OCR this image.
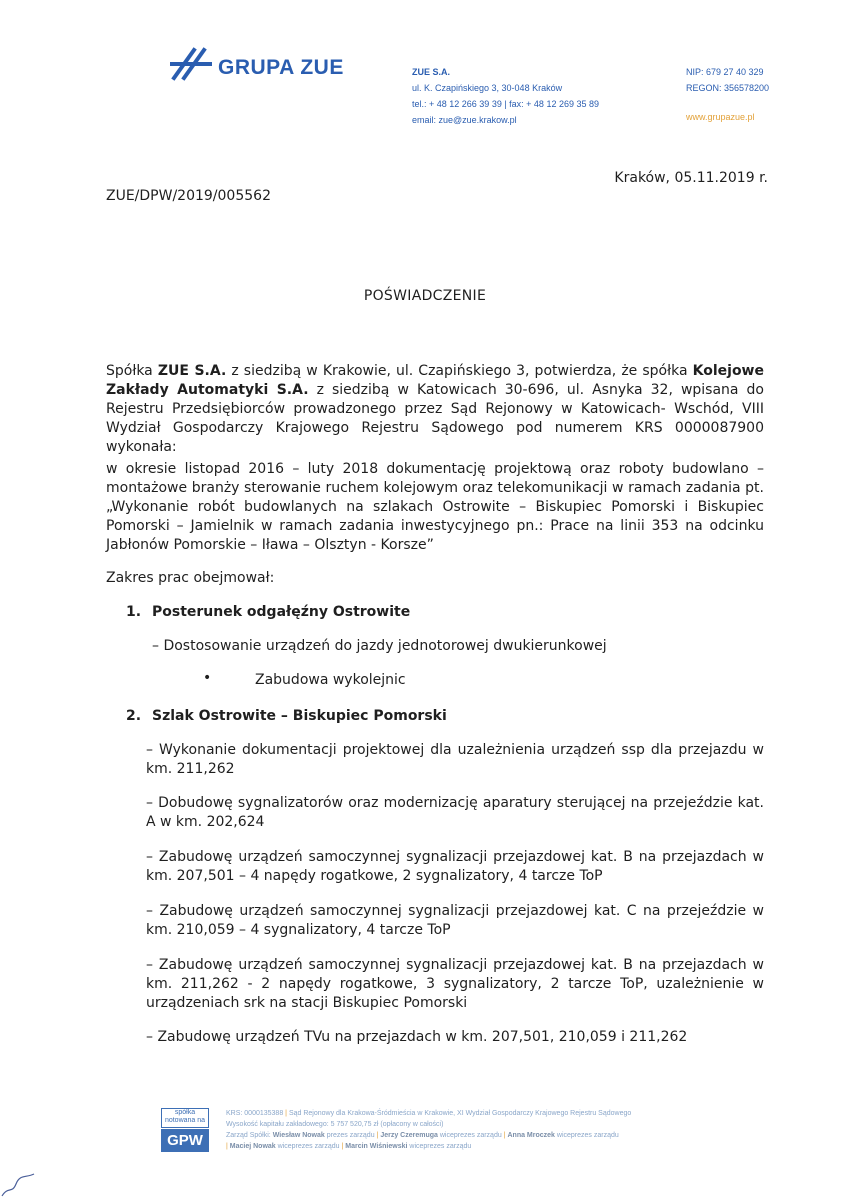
GRUPA ZUE	ZUE S.A.
ul. K. Czapińskiego 3, 30-048 Kraków
tel.: + 48 12 266 39 39 | fax: + 48 12 269 35 89
email: zue@zue.krakow.pl
NIP: 679 27 40 329
REGON: 356578200
www.grupazue.pl
Kraków, 05.11.2019 r.
ZUE/DPW/2019/005562
POŚWIADCZENIE
Spółka ZUE S.A. z siedzibą w Krakowie, ul. Czapińskiego 3, potwierdza, że spółka Kolejowe Zakłady Automatyki S.A. z siedzibą w Katowicach 30-696, ul. Asnyka 32, wpisana do Rejestru Przedsiębiorców prowadzonego przez Sąd Rejonowy w Katowicach- Wschód, VIII Wydział Gospodarczy Krajowego Rejestru Sądowego pod numerem KRS 0000087900 wykonała:
w okresie listopad 2016 – luty 2018 dokumentację projektową oraz roboty budowlano – montażowe branży sterowanie ruchem kolejowym oraz telekomunikacji w ramach zadania pt. „Wykonanie robót budowlanych na szlakach Ostrowite – Biskupiec Pomorski i Biskupiec Pomorski – Jamielnik w ramach zadania inwestycyjnego pn.: Prace na linii 353 na odcinku Jabłonów Pomorskie – Iława – Olsztyn - Korsze”
Zakres prac obejmował:
1. Posterunek odgałęźny Ostrowite
– Dostosowanie urządzeń do jazdy jednotorowej dwukierunkowej
•	Zabudowa wykolejnic
2. Szlak Ostrowite – Biskupiec Pomorski
– Wykonanie dokumentacji projektowej dla uzależnienia urządzeń ssp dla przejazdu w km. 211,262
– Dobudowę sygnalizatorów oraz modernizację aparatury sterującej na przejeździe kat. A w km. 202,624
– Zabudowę urządzeń samoczynnej sygnalizacji przejazdowej kat. B na przejazdach w km. 207,501 – 4 napędy rogatkowe, 2 sygnalizatory, 4 tarcze ToP
– Zabudowę urządzeń samoczynnej sygnalizacji przejazdowej kat. C na przejeździe w km. 210,059 – 4 sygnalizatory, 4 tarcze ToP
– Zabudowę urządzeń samoczynnej sygnalizacji przejazdowej kat. B na przejazdach w km. 211,262 - 2 napędy rogatkowe, 3 sygnalizatory, 2 tarcze ToP, uzależnienie w urządzeniach srk na stacji Biskupiec Pomorski
– Zabudowę urządzeń TVu na przejazdach w km. 207,501, 210,059 i 211,262
spółka notowana na
GPW
KRS: 0000135388 | Sąd Rejonowy dla Krakowa-Śródmieścia w Krakowie, XI Wydział Gospodarczy Krajowego Rejestru Sądowego
Wysokość kapitału zakładowego: 5 757 520,75 zł (opłacony w całości)
Zarząd Spółki: Wiesław Nowak prezes zarządu | Jerzy Czeremuga wiceprezes zarządu | Anna Mroczek wiceprezes zarządu
| Maciej Nowak wiceprezes zarządu | Marcin Wiśniewski wiceprezes zarządu
